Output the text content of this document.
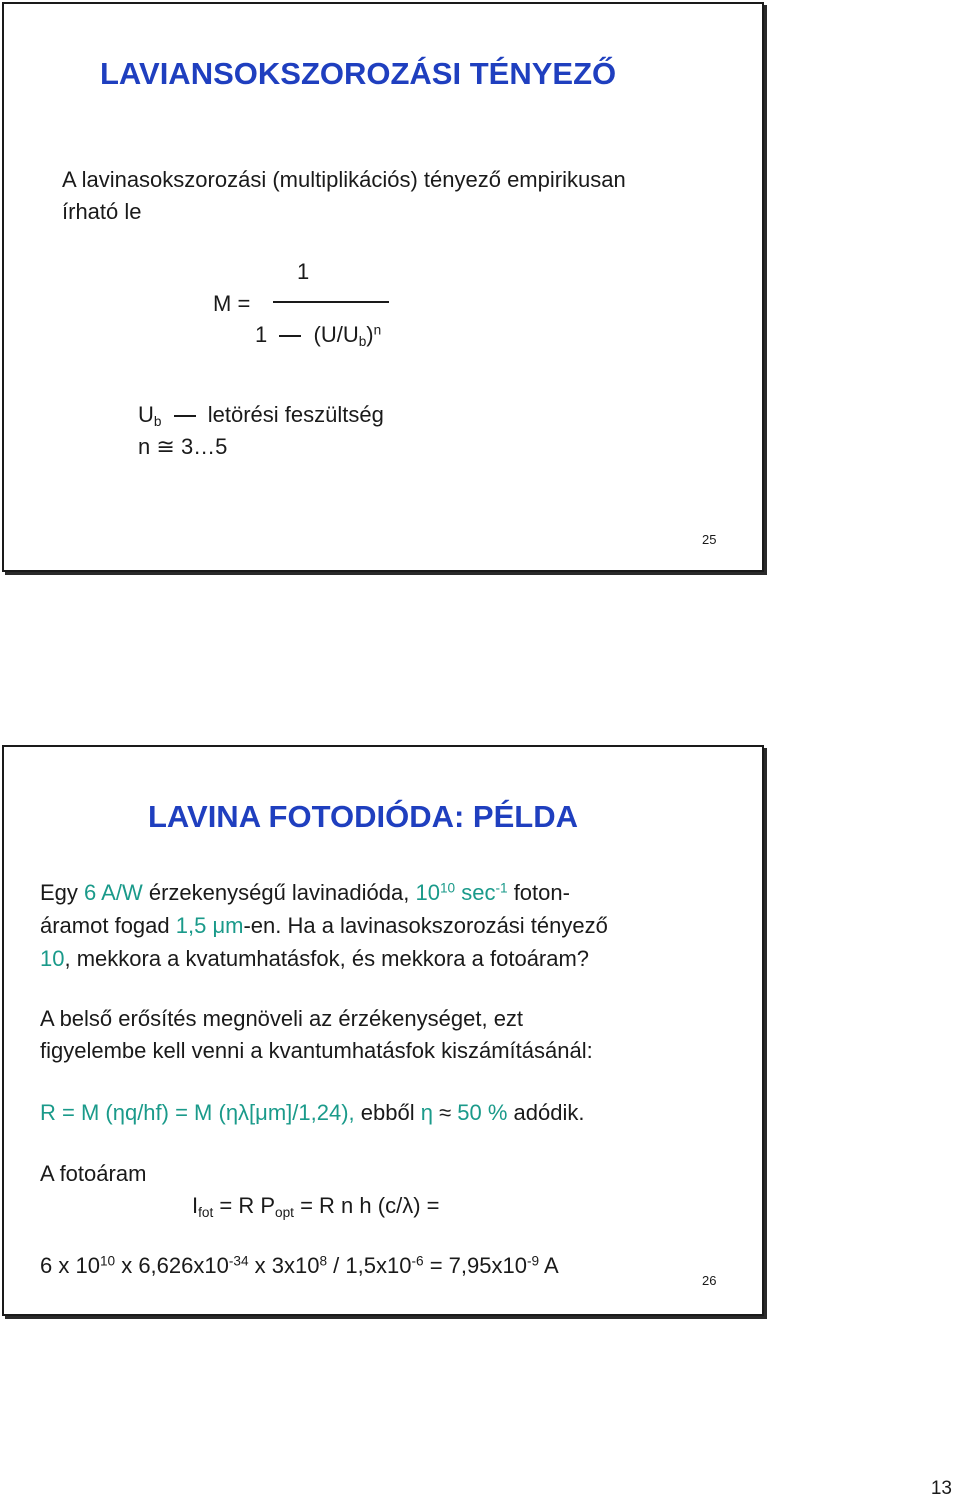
LAVIANSOKSZOROZÁSI TÉNYEZŐ
A lavinasokszorozási (multiplikációs) tényező empirikusan
írható le
1
M =
1 $(U/U_b)^n$
$U_b$ letörési feszültség
n ≅ 3…5
25
LAVINA FOTODIÓDA: PÉLDA
Egy 6 A/W érzekenységű lavinadióda, $10^{10}$ $\sec^{-1}$ foton-
áramot fogad 1,5 μm-en. Ha a lavinasokszorozási tényező
10, mekkora a kvatumhatásfok, és mekkora a fotoáram?
A belső erősítés megnöveli az érzékenységet, ezt
figyelembe kell venni a kvantumhatásfok kiszámításánál:
R = M (ηq/hf) = M (ηλ[μm]/1,24), ebből η ≈ 50 % adódik.
A fotoáram
$I_{fot} = R$ $P_{opt} = R$ n h (c/λ) =
6 x $10^{10}$ x $6,626x10^{-34}$ x $3x10^8 / 1,5x10^{-6} = 7,95x10^{-9}$ A
26
13
